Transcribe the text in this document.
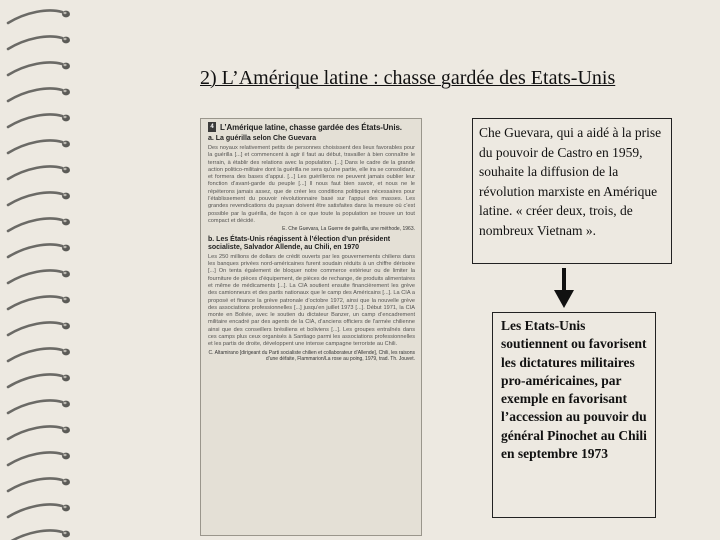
2) L’Amérique latine : chasse gardée des Etats-Unis
4 L’Amérique latine, chasse gardée des États-Unis.
a. La guérilla selon Che Guevara
Des noyaux relativement petits de personnes choisissent des lieux favorables pour la guérilla [...] et commencent à agir il faut au début, travailler à bien connaître le terrain, à établir des relations avec la population. [...] Dans le cadre de la grande action politico-militaire dont la guérilla ne sera qu’une partie, elle ira se consolidant, et formera des bases d’appui. [...] Les guérilleros ne peuvent jamais oublier leur fonction d’avant-garde du peuple [...] Il nous faut bien savoir, et nous ne le répéterons jamais assez, que de créer les conditions politiques nécessaires pour l’établissement du pouvoir révolutionnaire basé sur l’appui des masses. Les grandes revendications du paysan doivent être satisfaites dans la mesure où c’est possible par la guérilla, de façon à ce que toute la population se trouve un tout compact et décidé.
E. Che Guevara, La Guerre de guérilla, une méthode, 1963.
b. Les États-Unis réagissent à l’élection d’un président socialiste, Salvador Allende, au Chili, en 1970
Les 250 millions de dollars de crédit ouverts par les gouvernements chiliens dans les banques privées nord-américaines furent soudain réduits à un chiffre dérisoire [...] On tenta également de bloquer notre commerce extérieur ou de limiter la fourniture de pièces d’équipement, de pièces de rechange, de produits alimentaires et même de médicaments [...]. La CIA soutient ensuite financièrement les grève des camionneurs et des partis nationaux que le camp des Américains [...]. La CIA a proposé et finance la grève patronale d’octobre 1972, ainsi que la nouvelle grève des associations professionnelles [...] jusqu’en juillet 1973 [...]. Début 1971, la CIA monte en Bolivie, avec le soutien du dictateur Banzer, un camp d’encadrement militaire encadré par des agents de la CIA, d’anciens officiers de l’armée chilienne ainsi que des conseillers brésiliens et boliviens [...]. Les groupes entraînés dans ces camps plus ceux organisés à Santiago parmi les associations professionnelles et les partis de droite, développent une intense campagne terroriste au Chili.
C. Altamirano [dirigeant du Parti socialiste chilien et collaborateur d’Allende], Chili, les raisons d’une défaite, Flammarion/La rose au poing, 1979, trad. Th. Jouvet.
Che Guevara, qui a aidé à la prise du pouvoir de Castro en 1959, souhaite la diffusion de la révolution marxiste en Amérique latine. « créer deux, trois, de nombreux Vietnam ».
Les Etats-Unis soutiennent ou favorisent les dictatures militaires pro-américaines, par exemple en favorisant l’accession au pouvoir du général Pinochet au Chili en septembre 1973
